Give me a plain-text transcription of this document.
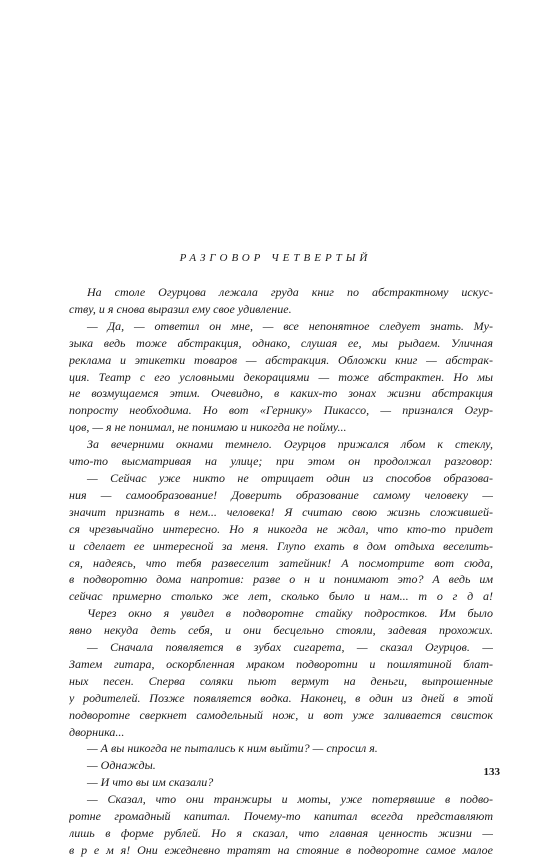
РАЗГОВОР ЧЕТВЕРТЫЙ
На столе Огурцова лежала груда книг по абстрактному искус-
ству, и я снова выразил ему свое удивление.
— Да, — ответил он мне, — все непонятное следует знать. Му-
зыка ведь тоже абстракция, однако, слушая ее, мы рыдаем. Уличная
реклама и этикетки товаров — абстракция. Обложки книг — абстрак-
ция. Театр с его условными декорациями — тоже абстрактен. Но мы
не возмущаемся этим. Очевидно, в каких-то зонах жизни абстракция
попросту необходима. Но вот «Гернику» Пикассо, — признался Огур-
цов, — я не понимал, не понимаю и никогда не пойму...
За вечерними окнами темнело. Огурцов прижался лбом к стеклу,
что-то высматривая на улице; при этом он продолжал разговор:
— Сейчас уже никто не отрицает один из способов образова-
ния — самообразование! Доверить образование самому человеку —
значит признать в нем... человека! Я считаю свою жизнь сложившей-
ся чрезвычайно интересно. Но я никогда не ждал, что кто-то придет
и сделает ее интересной за меня. Глупо ехать в дом отдыха веселить-
ся, надеясь, что тебя развеселит затейник! А посмотрите вот сюда,
в подворотню дома напротив: разве о н и понимают это? А ведь им
сейчас примерно столько же лет, сколько было и нам... т о г д а!
Через окно я увидел в подворотне стайку подростков. Им было
явно некуда деть себя, и они бесцельно стояли, задевая прохожих.
— Сначала появляется в зубах сигарета, — сказал Огурцов. —
Затем гитара, оскорбленная мраком подворотни и пошлятиной блат-
ных песен. Сперва соляки пьют вермут на деньги, выпрошенные
у родителей. Позже появляется водка. Наконец, в один из дней в этой
подворотне сверкнет самодельный нож, и вот уже заливается свисток
дворника...
— А вы никогда не пытались к ним выйти? — спросил я.
— Однажды.
— И что вы им сказали?
— Сказал, что они транжиры и моты, уже потерявшие в подво-
ротне громадный капитал. Почему-то капитал всегда представляют
лишь в форме рублей. Но я сказал, что главная ценность жизни —
в р е м я! Они ежедневно тратят на стояние в подворотне самое малое
133
